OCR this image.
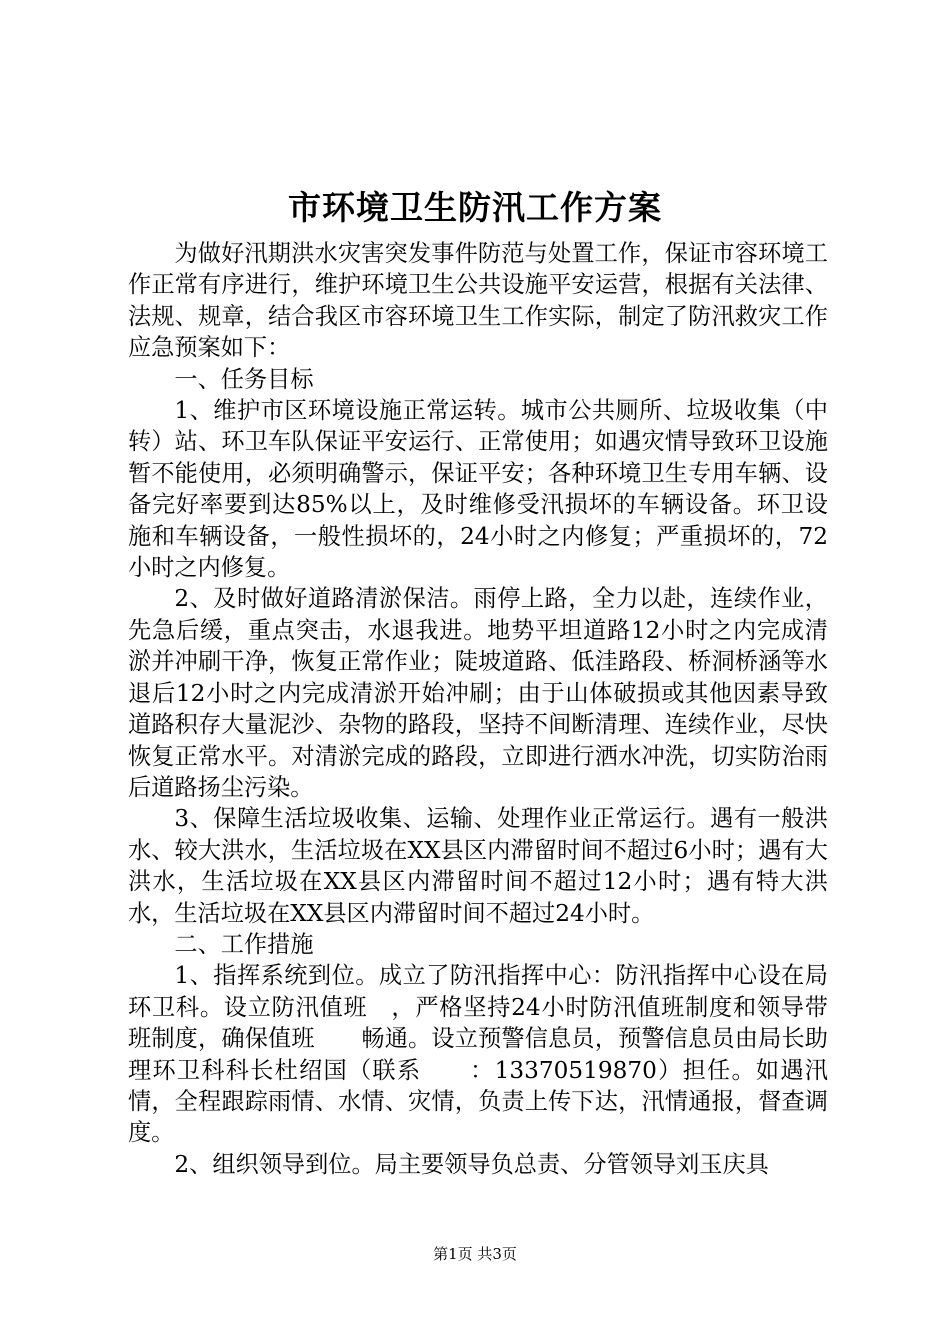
市环境卫生防汛工作方案

为做好汛期洪水灾害突发事件防范与处置工作，保证市容环境工作正常有序进行，维护环境卫生公共设施平安运营，根据有关法律、法规、规章，结合我区市容环境卫生工作实际，制定了防汛救灾工作应急预案如下：

一、任务目标

1、维护市区环境设施正常运转。城市公共厕所、垃圾收集（中转）站、环卫车队保证平安运行、正常使用；如遇灾情导致环卫设施暂不能使用，必须明确警示，保证平安；各种环境卫生专用车辆、设备完好率要到达85%以上，及时维修受汛损坏的车辆设备。环卫设施和车辆设备，一般性损坏的，24小时之内修复；严重损坏的，72小时之内修复。

2、及时做好道路清淤保洁。雨停上路，全力以赴，连续作业，先急后缓，重点突击，水退我进。地势平坦道路12小时之内完成清淤并冲刷干净，恢复正常作业；陡坡道路、低洼路段、桥洞桥涵等水退后12小时之内完成清淤开始冲刷；由于山体破损或其他因素导致道路积存大量泥沙、杂物的路段，坚持不间断清理、连续作业，尽快恢复正常水平。对清淤完成的路段，立即进行洒水冲洗，切实防治雨后道路扬尘污染。

3、保障生活垃圾收集、运输、处理作业正常运行。遇有一般洪水、较大洪水，生活垃圾在XX县区内滞留时间不超过6小时；遇有大洪水，生活垃圾在XX县区内滞留时间不超过12小时；遇有特大洪水，生活垃圾在XX县区内滞留时间不超过24小时。

二、工作措施

1、指挥系统到位。成立了防汛指挥中心：防汛指挥中心设在局环卫科。设立防汛值班　，严格坚持24小时防汛值班制度和领导带班制度，确保值班　　畅通。设立预警信息员，预警信息员由局长助理环卫科科长杜绍国（联系　　：13370519870）担任。如遇汛情，全程跟踪雨情、水情、灾情，负责上传下达，汛情通报，督查调度。

2、组织领导到位。局主要领导负总责、分管领导刘玉庆具

第1页 共3页
